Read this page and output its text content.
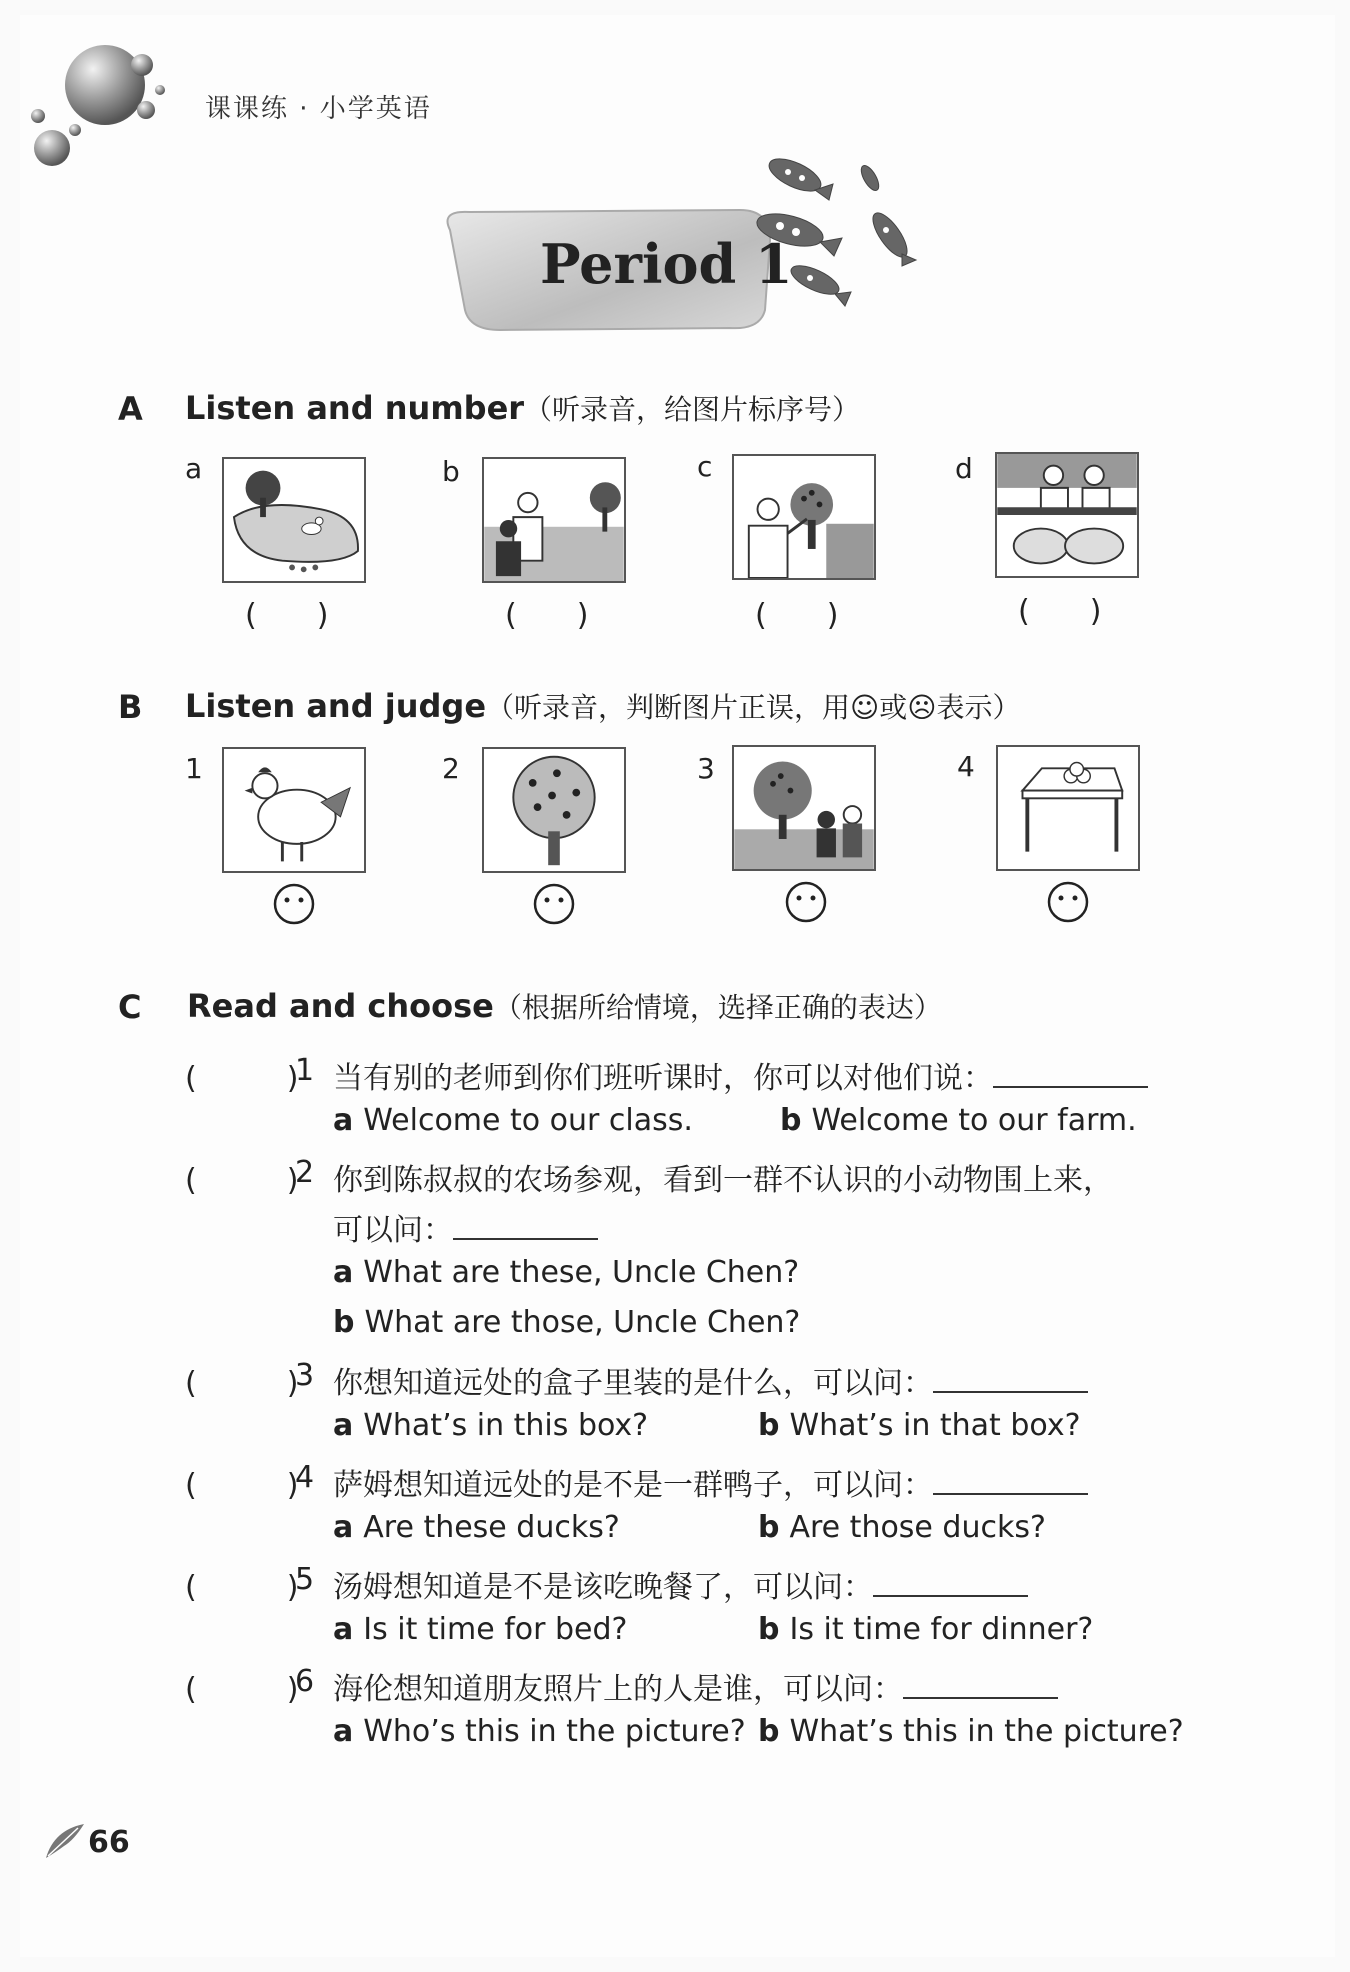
课课练 · 小学英语
Period 1
A Listen and number（听录音，给图片标序号）
a
(　　)
b
(　　)
c
(　　)
d
(　　)
B Listen and judge（听录音，判断图片正误，用☺或☹表示）
1	2	3	4
C Read and choose（根据所给情境，选择正确的表达）
(　　　)
1 当有别的老师到你们班听课时，你可以对他们说：
a Welcome to our class.	b Welcome to our farm.
(　　　)
2 你到陈叔叔的农场参观，看到一群不认识的小动物围上来，
可以问：
a What are these, Uncle Chen?
b What are those, Uncle Chen?
(　　　)
3 你想知道远处的盒子里装的是什么，可以问：
a What’s in this box?	b What’s in that box?
(　　　)
4 萨姆想知道远处的是不是一群鸭子，可以问：
a Are these ducks?	b Are those ducks?
(　　　)
5 汤姆想知道是不是该吃晚餐了，可以问：
a Is it time for bed?	b Is it time for dinner?
(　　　)
6 海伦想知道朋友照片上的人是谁，可以问：
a Who’s this in the picture? b What’s this in the picture?
66
